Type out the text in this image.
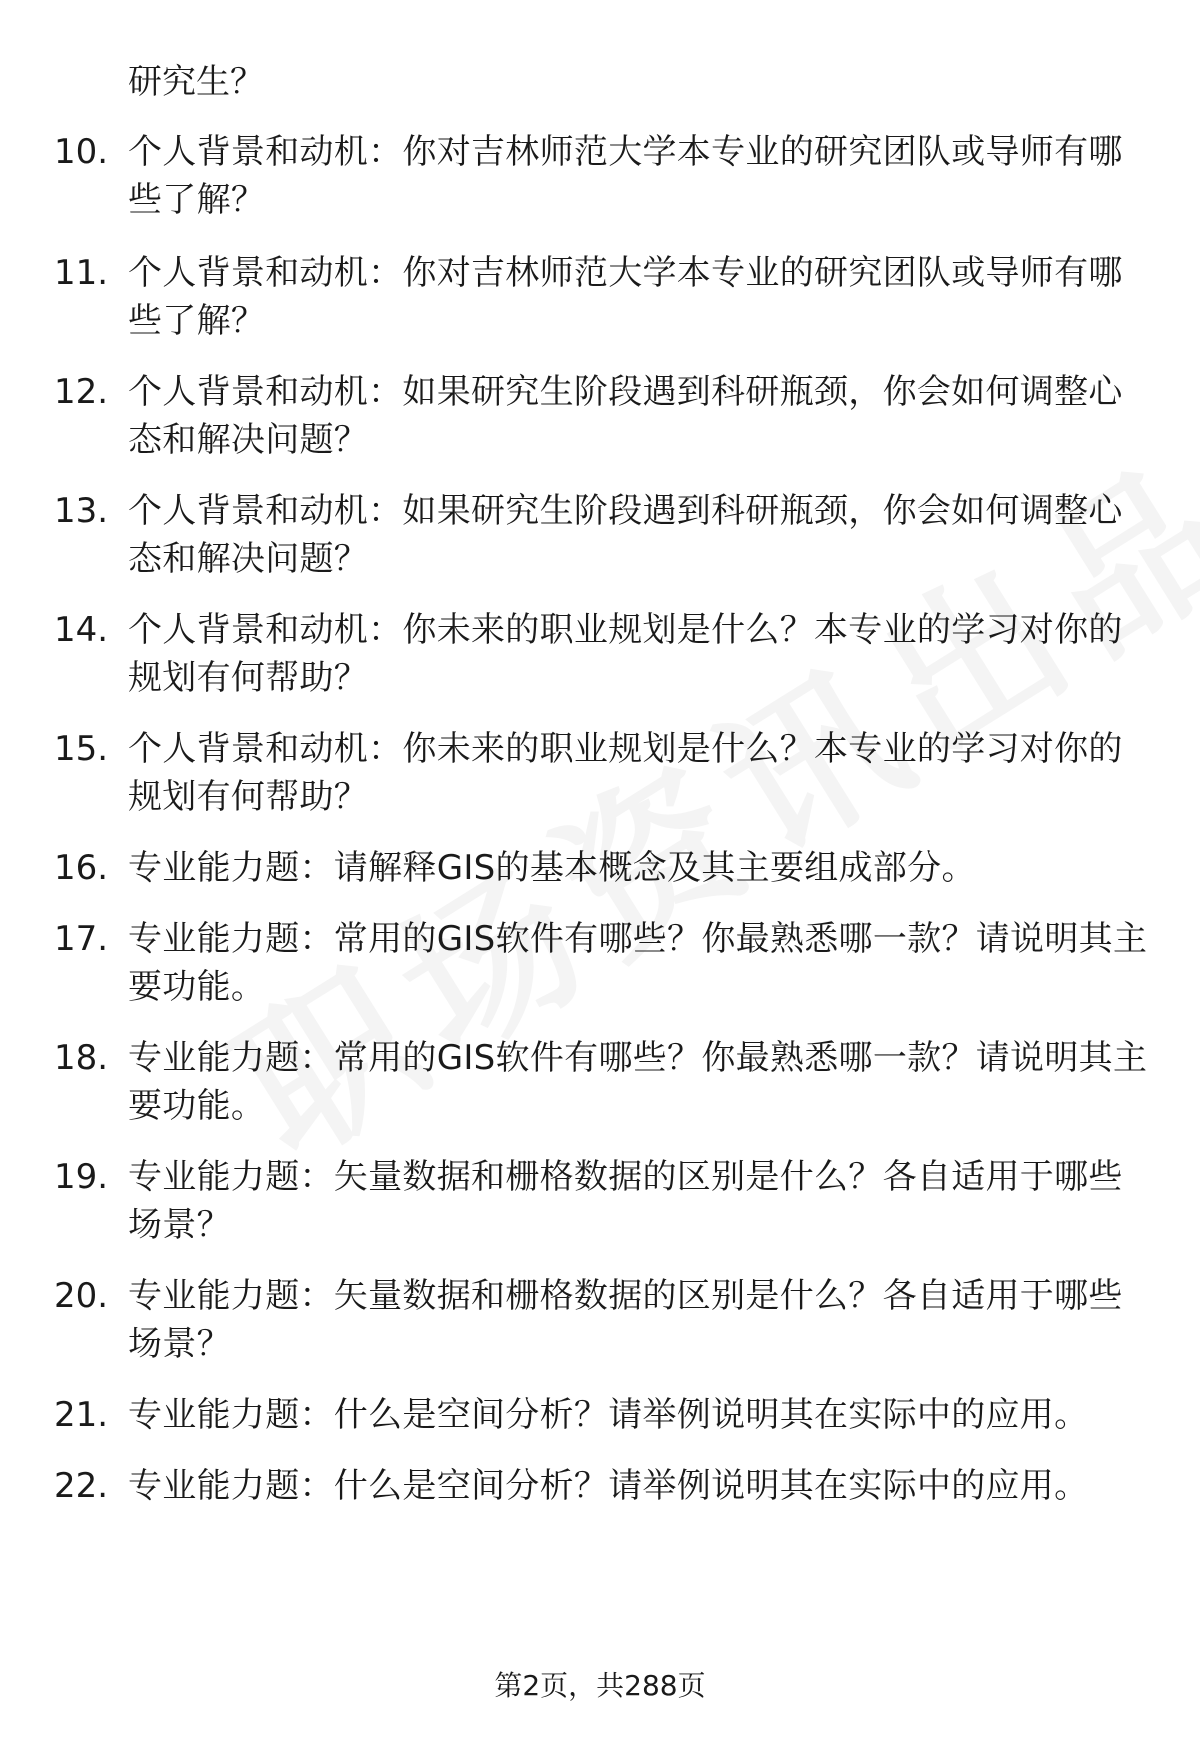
研究生？
10. 个人背景和动机：你对吉林师范大学本专业的研究团队或导师有哪些了解？
11. 个人背景和动机：你对吉林师范大学本专业的研究团队或导师有哪些了解？
12. 个人背景和动机：如果研究生阶段遇到科研瓶颈，你会如何调整心态和解决问题？
13. 个人背景和动机：如果研究生阶段遇到科研瓶颈，你会如何调整心态和解决问题？
14. 个人背景和动机：你未来的职业规划是什么？本专业的学习对你的规划有何帮助？
15. 个人背景和动机：你未来的职业规划是什么？本专业的学习对你的规划有何帮助？
16. 专业能力题：请解释GIS的基本概念及其主要组成部分。
17. 专业能力题：常用的GIS软件有哪些？你最熟悉哪一款？请说明其主要功能。
18. 专业能力题：常用的GIS软件有哪些？你最熟悉哪一款？请说明其主要功能。
19. 专业能力题：矢量数据和栅格数据的区别是什么？各自适用于哪些场景？
20. 专业能力题：矢量数据和栅格数据的区别是什么？各自适用于哪些场景？
21. 专业能力题：什么是空间分析？请举例说明其在实际中的应用。
22. 专业能力题：什么是空间分析？请举例说明其在实际中的应用。
第2页，共288页
